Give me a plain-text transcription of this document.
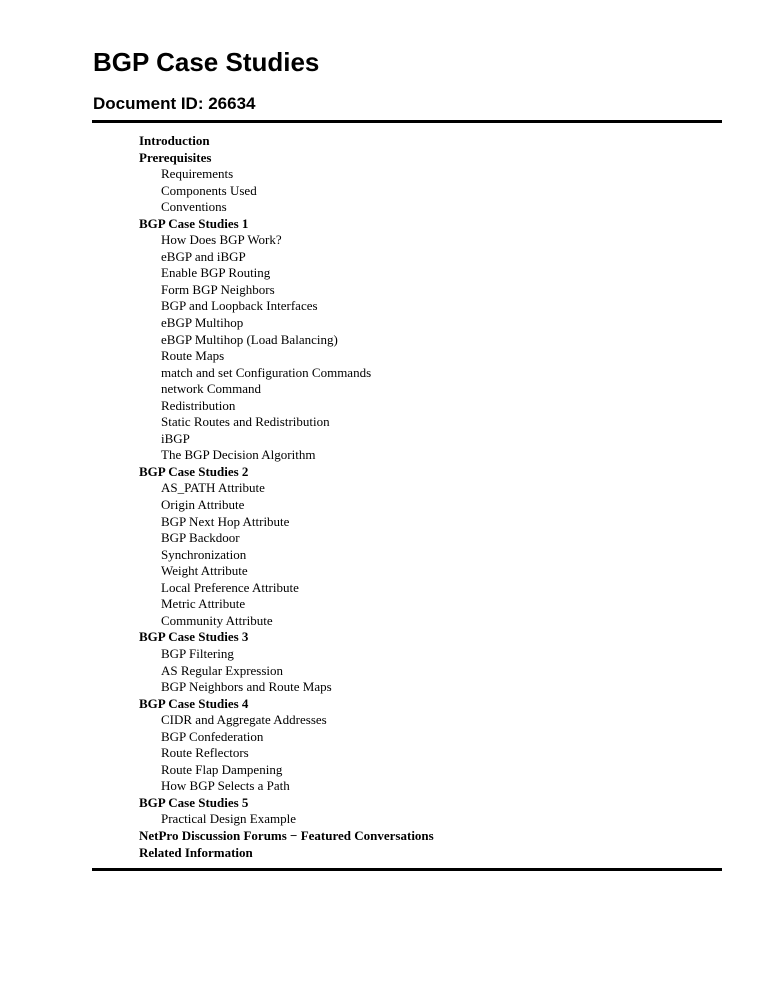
BGP Case Studies
Document ID: 26634
Introduction
Prerequisites
Requirements
Components Used
Conventions
BGP Case Studies 1
How Does BGP Work?
eBGP and iBGP
Enable BGP Routing
Form BGP Neighbors
BGP and Loopback Interfaces
eBGP Multihop
eBGP Multihop (Load Balancing)
Route Maps
match and set Configuration Commands
network Command
Redistribution
Static Routes and Redistribution
iBGP
The BGP Decision Algorithm
BGP Case Studies 2
AS_PATH Attribute
Origin Attribute
BGP Next Hop Attribute
BGP Backdoor
Synchronization
Weight Attribute
Local Preference Attribute
Metric Attribute
Community Attribute
BGP Case Studies 3
BGP Filtering
AS Regular Expression
BGP Neighbors and Route Maps
BGP Case Studies 4
CIDR and Aggregate Addresses
BGP Confederation
Route Reflectors
Route Flap Dampening
How BGP Selects a Path
BGP Case Studies 5
Practical Design Example
NetPro Discussion Forums − Featured Conversations
Related Information
